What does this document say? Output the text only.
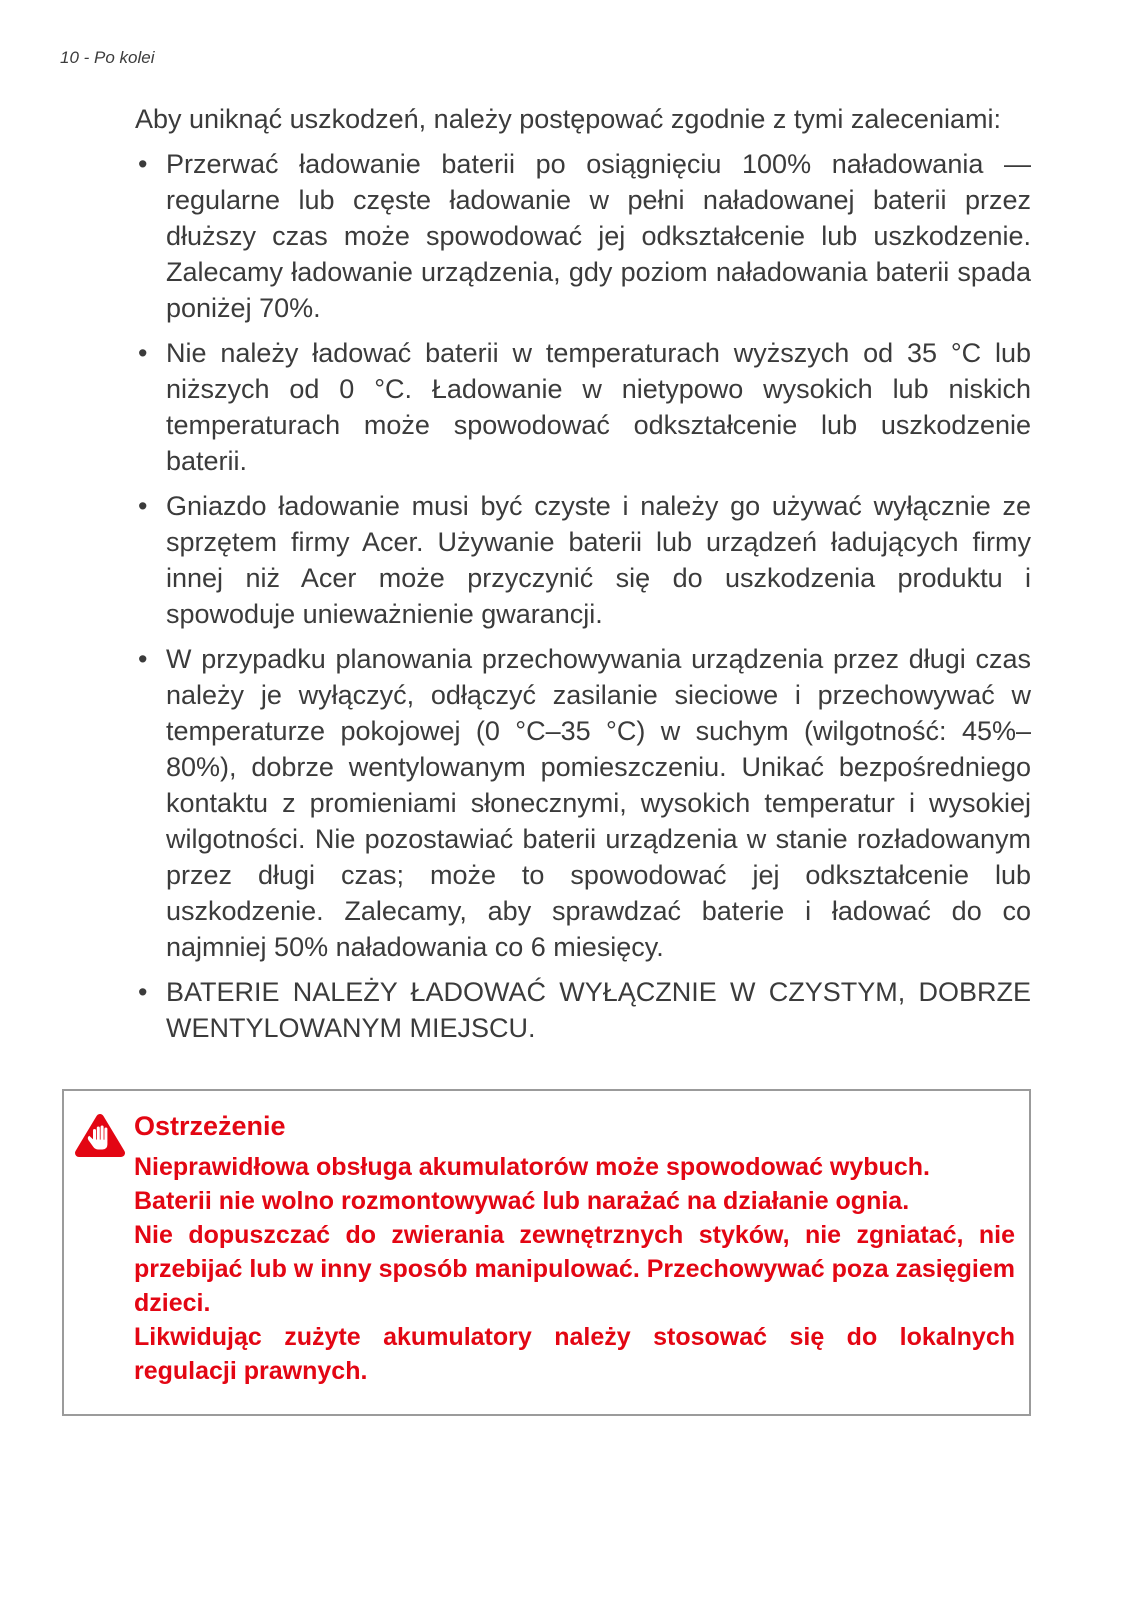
10 - Po kolei

Aby uniknąć uszkodzeń, należy postępować zgodnie z tymi zaleceniami:

• Przerwać ładowanie baterii po osiągnięciu 100% naładowania — regularne lub częste ładowanie w pełni naładowanej baterii przez dłuższy czas może spowodować jej odkształcenie lub uszkodzenie. Zalecamy ładowanie urządzenia, gdy poziom naładowania baterii spada poniżej 70%.
• Nie należy ładować baterii w temperaturach wyższych od 35 °C lub niższych od 0 °C. Ładowanie w nietypowo wysokich lub niskich temperaturach może spowodować odkształcenie lub uszkodzenie baterii.
• Gniazdo ładowanie musi być czyste i należy go używać wyłącznie ze sprzętem firmy Acer. Używanie baterii lub urządzeń ładujących firmy innej niż Acer może przyczynić się do uszkodzenia produktu i spowoduje unieważnienie gwarancji.
• W przypadku planowania przechowywania urządzenia przez długi czas należy je wyłączyć, odłączyć zasilanie sieciowe i przechowywać w temperaturze pokojowej (0 °C–35 °C) w suchym (wilgotność: 45%–80%), dobrze wentylowanym pomieszczeniu. Unikać bezpośredniego kontaktu z promieniami słonecznymi, wysokich temperatur i wysokiej wilgotności. Nie pozostawiać baterii urządzenia w stanie rozładowanym przez długi czas; może to spowodować jej odkształcenie lub uszkodzenie. Zalecamy, aby sprawdzać baterie i ładować do co najmniej 50% naładowania co 6 miesięcy.
• BATERIE NALEŻY ŁADOWAĆ WYŁĄCZNIE W CZYSTYM, DOBRZE WENTYLOWANYM MIEJSCU.

Ostrzeżenie

Nieprawidłowa obsługa akumulatorów może spowodować wybuch.

Baterii nie wolno rozmontowywać lub narażać na działanie ognia.

Nie dopuszczać do zwierania zewnętrznych styków, nie zgniatać, nie przebijać lub w inny sposób manipulować. Przechowywać poza zasięgiem dzieci.

Likwidując zużyte akumulatory należy stosować się do lokalnych regulacji prawnych.
